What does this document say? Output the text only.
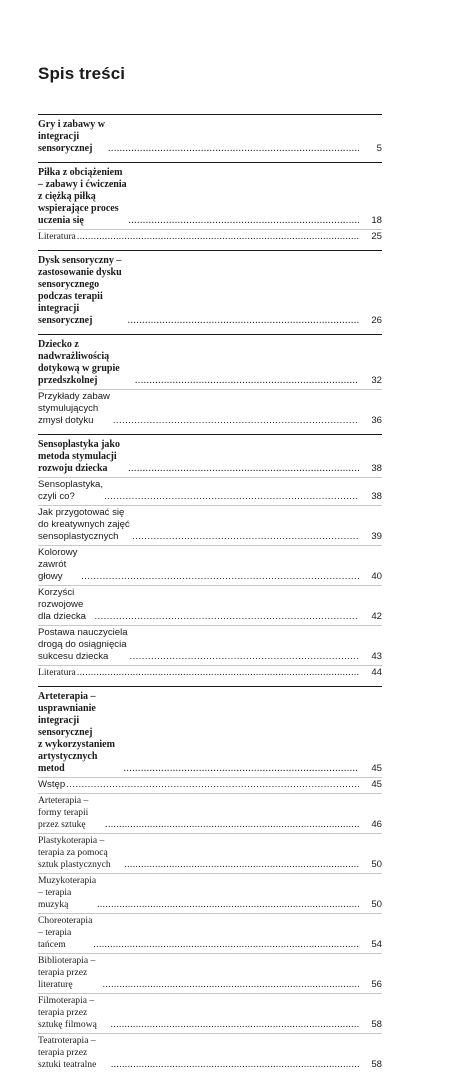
Spis treści
Gry i zabawy w integracji sensorycznej .....	5
Piłka z obciążeniem – zabawy i ćwiczenia z ciężką piłką
wspierające proces uczenia się .....	18
Literatura .....	25
Dysk sensoryczny – zastosowanie dysku sensorycznego
podczas terapii integracji sensorycznej .....	26
Dziecko z nadwrażliwością dotykową w grupie przedszkolnej .....	32
Przykłady zabaw stymulujących zmysł dotyku .....	36
Sensoplastyka jako metoda stymulacji rozwoju dziecka .....	38
Sensoplastyka, czyli co? .....	38
Jak przygotować się do kreatywnych zajęć sensoplastycznych .....	39
Kolorowy zawrót głowy .....	40
Korzyści rozwojowe dla dziecka .....	42
Postawa nauczyciela drogą do osiągnięcia sukcesu dziecka .....	43
Literatura .....	44
Arteterapia – usprawnianie integracji sensorycznej
z wykorzystaniem artystycznych metod .....	45
Wstęp .....	45
Arteterapia – formy terapii przez sztukę .....	46
Plastykoterapia – terapia za pomocą sztuk plastycznych .....	50
Muzykoterapia – terapia muzyką .....	50
Choreoterapia – terapia tańcem .....	54
Biblioterapia – terapia przez literaturę .....	56
Filmoterapia – terapia przez sztukę filmową .....	58
Teatroterapia – terapia przez sztuki teatralne .....	58
